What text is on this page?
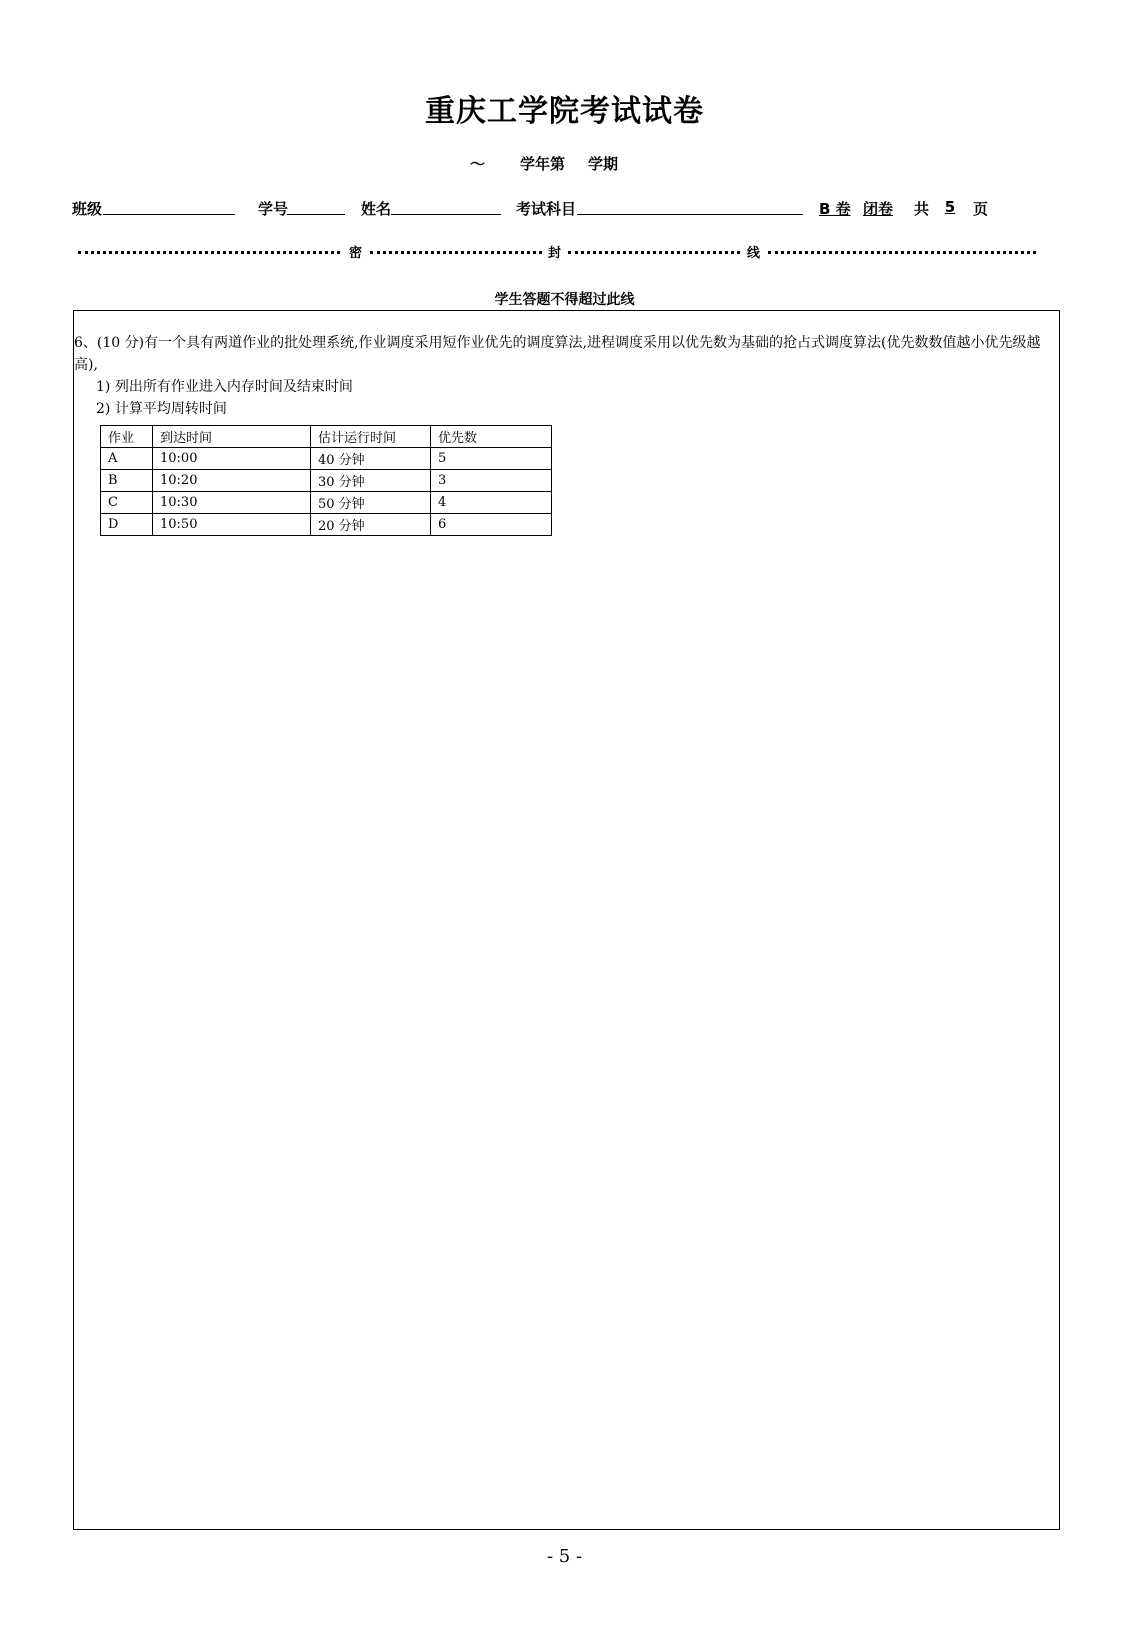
重庆工学院考试试卷
～ 学年第 学期
班级	学号	姓名	考试科目	B 卷 闭卷 共	5	页
密	封	线
学生答题不得超过此线

6、(10 分)有一个具有两道作业的批处理系统,作业调度采用短作业优先的调度算法,进程调度采用以优先数为基础的抢占式调度算法(优先数数值越小优先级越高),

1) 列出所有作业进入内存时间及结束时间

2) 计算平均周转时间

作业	到达时间	估计运行时间	优先数
A	10:00	40 分钟	5
B	10:20	30 分钟	3
C	10:30	50 分钟	4
D	10:50	20 分钟	6
- 5 -
